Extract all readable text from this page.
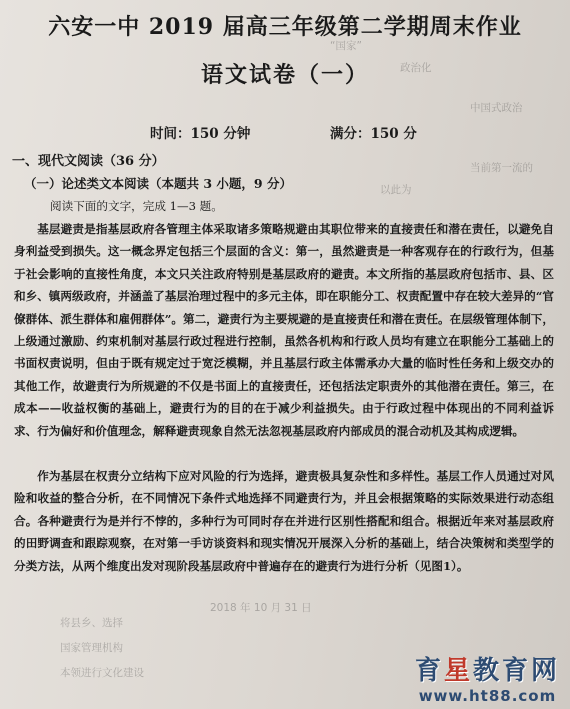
“国家”
政治化
中国式政治
当前第一流的
以此为
2018 年 10 月 31 日
将县乡、选择
国家管理机构
本领进行文化建设
六安一中 2019 届高三年级第二学期周末作业
语文试卷（一）
时间：150 分钟	满分：150 分
一、现代文阅读（36 分）
（一）论述类文本阅读（本题共 3 小题，9 分）
阅读下面的文字，完成 1—3 题。
基层避责是指基层政府各管理主体采取诸多策略规避由其职位带来的直接责任和潜在责任，以避免自身利益受到损失。这一概念界定包括三个层面的含义：第一，虽然避责是一种客观存在的行政行为，但基于社会影响的直接性角度，本文只关注政府特别是基层政府的避责。本文所指的基层政府包括市、县、区和乡、镇两级政府，并涵盖了基层治理过程中的多元主体，即在职能分工、权责配置中存在较大差异的“官僚群体、派生群体和雇佣群体”。第二，避责行为主要规避的是直接责任和潜在责任。在层级管理体制下，上级通过激励、约束机制对基层行政过程进行控制，虽然各机构和行政人员均有建立在职能分工基础上的书面权责说明，但由于既有规定过于宽泛模糊，并且基层行政主体需承办大量的临时性任务和上级交办的其他工作，故避责行为所规避的不仅是书面上的直接责任，还包括法定职责外的其他潜在责任。第三，在成本——收益权衡的基础上，避责行为的目的在于减少利益损失。由于行政过程中体现出的不同利益诉求、行为偏好和价值理念，解释避责现象自然无法忽视基层政府内部成员的混合动机及其构成逻辑。
作为基层在权责分立结构下应对风险的行为选择，避责极具复杂性和多样性。基层工作人员通过对风险和收益的整合分析，在不同情况下条件式地选择不同避责行为，并且会根据策略的实际效果进行动态组合。各种避责行为是并行不悖的，多种行为可同时存在并进行区别性搭配和组合。根据近年来对基层政府的田野调查和跟踪观察，在对第一手访谈资料和现实情况开展深入分析的基础上，结合决策树和类型学的分类方法，从两个维度出发对现阶段基层政府中普遍存在的避责行为进行分析（见图1）。
育星教育网
www.ht88.com
